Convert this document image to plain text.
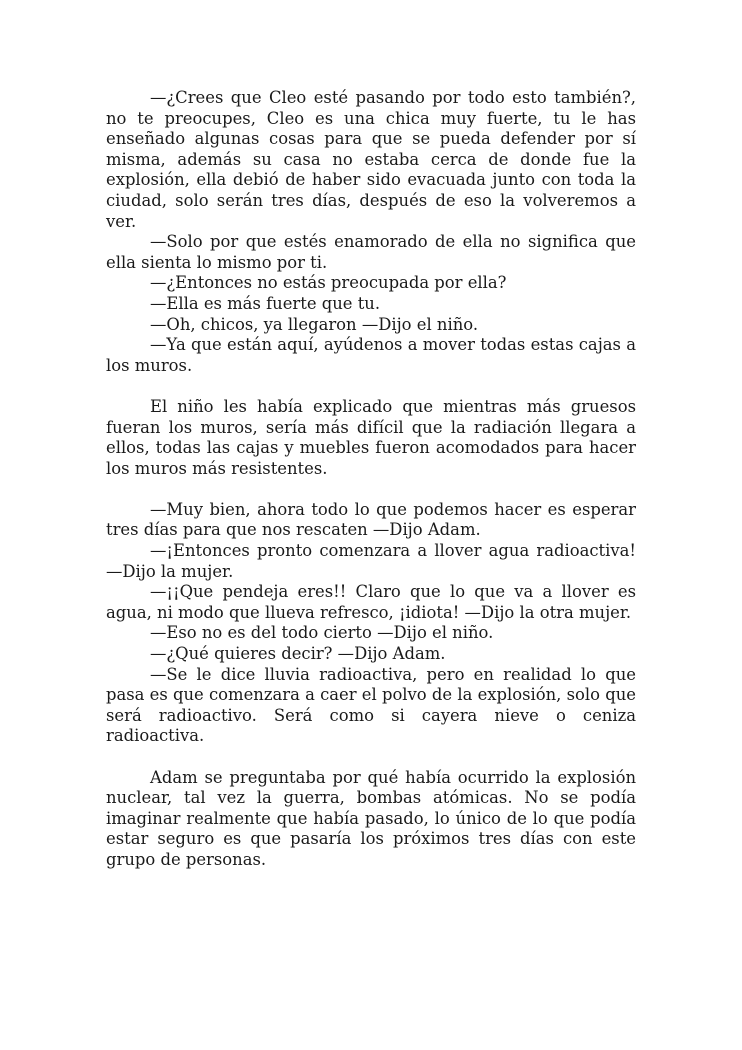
—¿Crees que Cleo esté pasando por todo esto también?, no te preocupes, Cleo es una chica muy fuerte, tu le has enseñado algunas cosas para que se pueda defender por sí misma, además su casa no estaba cerca de donde fue la explosión, ella debió de haber sido evacuada junto con toda la ciudad, solo serán tres días, después de eso la volveremos a ver.

—Solo por que estés enamorado de ella no significa que ella sienta lo mismo por ti.

—¿Entonces no estás preocupada por ella?

—Ella es más fuerte que tu.

—Oh, chicos, ya llegaron —Dijo el niño.

—Ya que están aquí, ayúdenos a mover todas estas cajas a los muros.

El niño les había explicado que mientras más gruesos fueran los muros, sería más difícil que la radiación llegara a ellos, todas las cajas y muebles fueron acomodados para hacer los muros más resistentes.

—Muy bien, ahora todo lo que podemos hacer es esperar tres días para que nos rescaten —Dijo Adam.

—¡Entonces pronto comenzara a llover agua radioactiva! —Dijo la mujer.

—¡¡Que pendeja eres!! Claro que lo que va a llover es agua, ni modo que llueva refresco, ¡idiota! —Dijo la otra mujer.

—Eso no es del todo cierto —Dijo el niño.

—¿Qué quieres decir? —Dijo Adam.

—Se le dice lluvia radioactiva, pero en realidad lo que pasa es que comenzara a caer el polvo de la explosión, solo que será radioactivo. Será como si cayera nieve o ceniza radioactiva.

Adam se preguntaba por qué había ocurrido la explosión nuclear, tal vez la guerra, bombas atómicas. No se podía imaginar realmente que había pasado, lo único de lo que podía estar seguro es que pasaría los próximos tres días con este grupo de personas.
